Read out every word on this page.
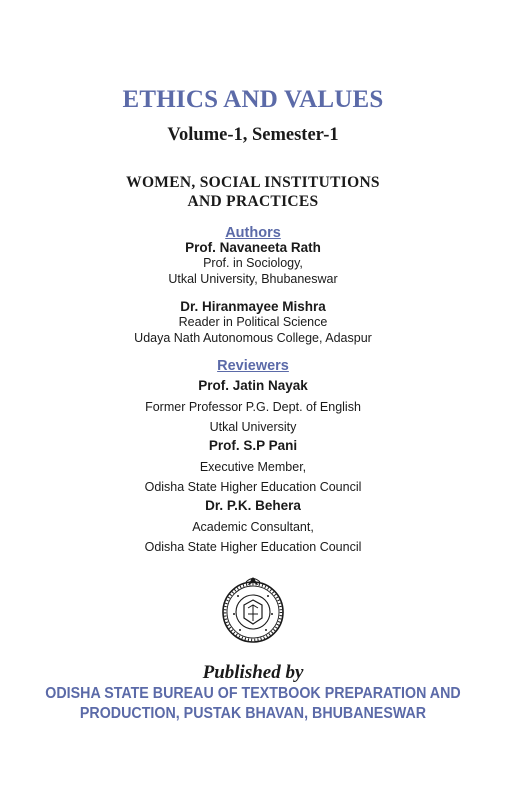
ETHICS AND VALUES
Volume-1, Semester-1
WOMEN, SOCIAL INSTITUTIONS
AND PRACTICES
Authors
Prof. Navaneeta Rath
Prof. in Sociology,
Utkal University, Bhubaneswar
Dr. Hiranmayee Mishra
Reader in Political Science
Udaya Nath Autonomous College, Adaspur
Reviewers
Prof. Jatin Nayak
Former Professor P.G. Dept. of English
Utkal University
Prof. S.P Pani
Executive Member,
Odisha State Higher Education Council
Dr. P.K. Behera
Academic Consultant,
Odisha State Higher Education Council
Published by
ODISHA STATE BUREAU OF TEXTBOOK PREPARATION AND
PRODUCTION, PUSTAK BHAVAN, BHUBANESWAR
